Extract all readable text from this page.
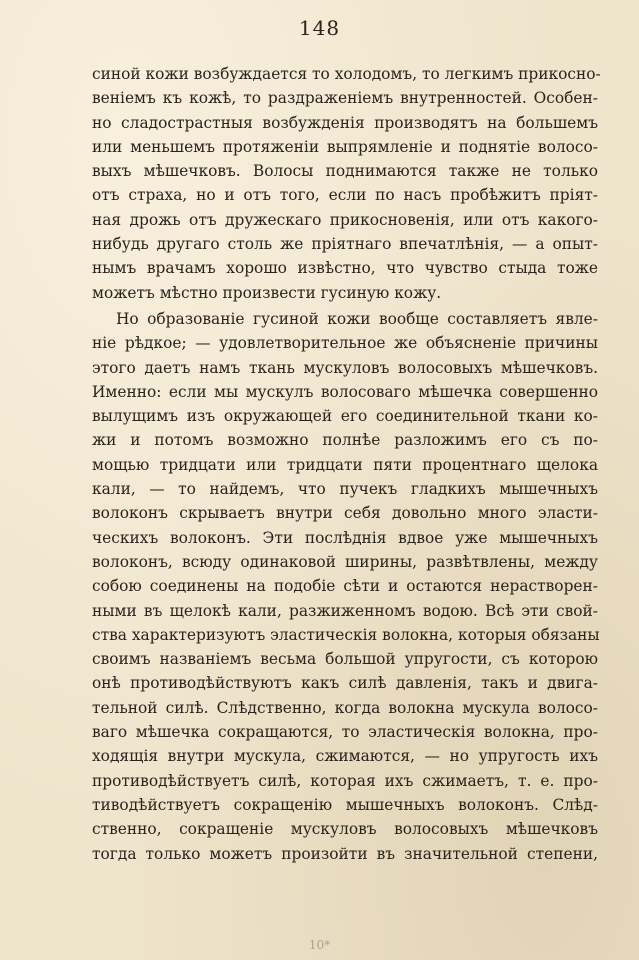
148

синой кожи возбуждается то холодомъ, то легкимъ прикосно-
венiемъ къ кожѣ, то раздраженiемъ внутренностей. Особен-
но сладострастныя возбужденiя производятъ на большемъ
или меньшемъ протяженiи выпрямленiе и поднятiе волосо-
выхъ мѣшечковъ. Волосы поднимаются также не только
отъ страха, но и отъ того, если по насъ пробѣжитъ прiят-
ная дрожь отъ дружескаго прикосновенiя, или отъ какого-
нибудь другаго столь же прiятнаго впечатлѣнiя, — а опыт-
нымъ врачамъ хорошо извѣстно, что чувство стыда тоже
можетъ мѣстно произвести гусиную кожу.

Но образованiе гусиной кожи вообще составляетъ явле-
нiе рѣдкое; — удовлетворительное же объясненiе причины
этого даетъ намъ ткань мускуловъ волосовыхъ мѣшечковъ.
Именно: если мы мускулъ волосоваго мѣшечка совершенно
вылущимъ изъ окружающей его соединительной ткани ко-
жи и потомъ возможно полнѣе разложимъ его съ по-
мощью тридцати или тридцати пяти процентнаго щелока
кали, — то найдемъ, что пучекъ гладкихъ мышечныхъ
волоконъ скрываетъ внутри себя довольно много эласти-
ческихъ волоконъ. Эти послѣднiя вдвое уже мышечныхъ
волоконъ, всюду одинаковой ширины, развѣтвлены, между
собою соединены на подобiе сѣти и остаются нерастворен-
ными въ щелокѣ кали, разжиженномъ водою. Всѣ эти свой-
ства характеризуютъ эластическiя волокна, которыя обязаны
своимъ названiемъ весьма большой упругости, съ которою
онѣ противодѣйствуютъ какъ силѣ давленiя, такъ и двига-
тельной силѣ. Слѣдственно, когда волокна мускула волосо-
ваго мѣшечка сокращаются, то эластическiя волокна, про-
ходящiя внутри мускула, сжимаются, — но упругость ихъ
противодѣйствуетъ силѣ, которая ихъ сжимаетъ, т. е. про-
тиводѣйствуетъ сокращенiю мышечныхъ волоконъ. Слѣд-
ственно, сокращенiе мускуловъ волосовыхъ мѣшечковъ
тогда только можетъ произойти въ значительной степени,

10*
